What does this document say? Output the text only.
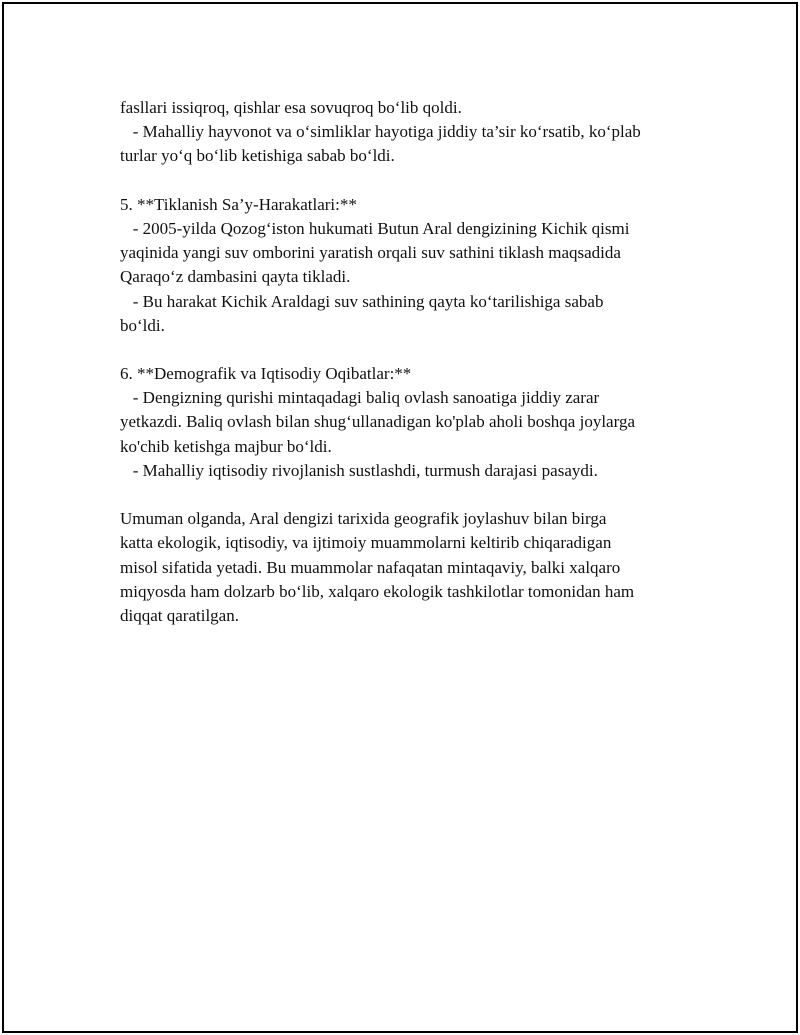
fasllari issiqroq, qishlar esa sovuqroq bo‘lib qoldi.
- Mahalliy hayvonot va o‘simliklar hayotiga jiddiy ta’sir ko‘rsatib, ko‘plab
turlar yo‘q bo‘lib ketishiga sabab bo‘ldi.
5. **Tiklanish Sa’y-Harakatlari:**
- 2005-yilda Qozog‘iston hukumati Butun Aral dengizining Kichik qismi
yaqinida yangi suv omborini yaratish orqali suv sathini tiklash maqsadida
Qaraqo‘z dambasini qayta tikladi.
- Bu harakat Kichik Araldagi suv sathining qayta ko‘tarilishiga sabab
bo‘ldi.
6. **Demografik va Iqtisodiy Oqibatlar:**
- Dengizning qurishi mintaqadagi baliq ovlash sanoatiga jiddiy zarar
yetkazdi. Baliq ovlash bilan shug‘ullanadigan ko'plab aholi boshqa joylarga
ko'chib ketishga majbur bo‘ldi.
- Mahalliy iqtisodiy rivojlanish sustlashdi, turmush darajasi pasaydi.
Umuman olganda, Aral dengizi tarixida geografik joylashuv bilan birga
katta ekologik, iqtisodiy, va ijtimoiy muammolarni keltirib chiqaradigan
misol sifatida yetadi. Bu muammolar nafaqatan mintaqaviy, balki xalqaro
miqyosda ham dolzarb bo‘lib, xalqaro ekologik tashkilotlar tomonidan ham
diqqat qaratilgan.
